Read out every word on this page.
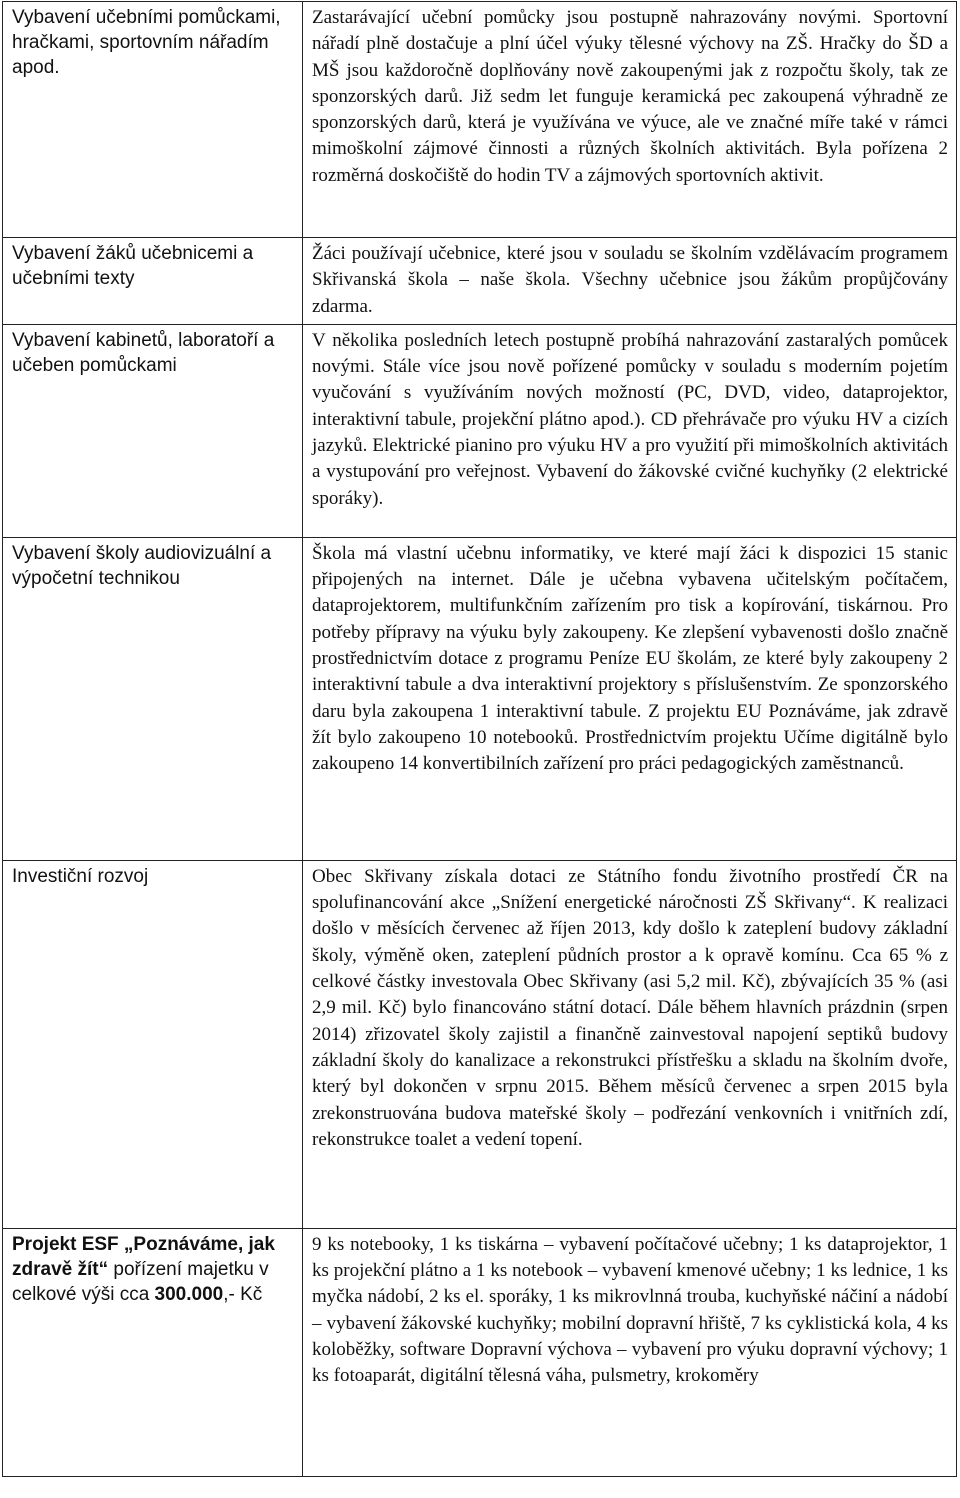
Vybavení učebními pomůckami, hračkami, sportovním nářadím apod.	Zastarávající učební pomůcky jsou postupně nahrazovány novými. Sportovní nářadí plně dostačuje a plní účel výuky tělesné výchovy na ZŠ. Hračky do ŠD a MŠ jsou každoročně doplňovány nově zakoupenými jak z rozpočtu školy, tak ze sponzorských darů. Již sedm let funguje keramická pec zakoupená výhradně ze sponzorských darů, která je využívána ve výuce, ale ve značné míře také v rámci mimoškolní zájmové činnosti a různých školních aktivitách. Byla pořízena 2 rozměrná doskočiště do hodin TV a zájmových sportovních aktivit.
Vybavení žáků učebnicemi a učebními texty	Žáci používají učebnice, které jsou v souladu se školním vzdělávacím programem Skřivanská škola – naše škola. Všechny učebnice jsou žákům propůjčovány zdarma.
Vybavení kabinetů, laboratoří a učeben pomůckami	V několika posledních letech postupně probíhá nahrazování zastaralých pomůcek novými. Stále více jsou nově pořízené pomůcky v souladu s moderním pojetím vyučování s využíváním nových možností (PC, DVD, video, dataprojektor, interaktivní tabule, projekční plátno apod.). CD přehrávače pro výuku HV a cizích jazyků. Elektrické pianino pro výuku HV a pro využití při mimoškolních aktivitách a vystupování pro veřejnost. Vybavení do žákovské cvičné kuchyňky (2 elektrické sporáky).
Vybavení školy audiovizuální a výpočetní technikou	Škola má vlastní učebnu informatiky, ve které mají žáci k dispozici 15 stanic připojených na internet. Dále je učebna vybavena učitelským počítačem, dataprojektorem, multifunkčním zařízením pro tisk a kopírování, tiskárnou. Pro potřeby přípravy na výuku byly zakoupeny. Ke zlepšení vybavenosti došlo značně prostřednictvím dotace z programu Peníze EU školám, ze které byly zakoupeny 2 interaktivní tabule a dva interaktivní projektory s příslušenstvím. Ze sponzorského daru byla zakoupena 1 interaktivní tabule. Z projektu EU Poznáváme, jak zdravě žít bylo zakoupeno 10 notebooků. Prostřednictvím projektu Učíme digitálně bylo zakoupeno 14 konvertibilních zařízení pro práci pedagogických zaměstnanců.
Investiční rozvoj	Obec Skřivany získala dotaci ze Státního fondu životního prostředí ČR na spolufinancování akce „Snížení energetické náročnosti ZŠ Skřivany“. K realizaci došlo v měsících červenec až říjen 2013, kdy došlo k zateplení budovy základní školy, výměně oken, zateplení půdních prostor a k opravě komínu. Cca 65 % z celkové částky investovala Obec Skřivany (asi 5,2 mil. Kč), zbývajících 35 % (asi 2,9 mil. Kč) bylo financováno státní dotací. Dále během hlavních prázdnin (srpen 2014) zřizovatel školy zajistil a finančně zainvestoval napojení septiků budovy základní školy do kanalizace a rekonstrukci přístřešku a skladu na školním dvoře, který byl dokončen v srpnu 2015. Během měsíců červenec a srpen 2015 byla zrekonstruována budova mateřské školy – podřezání venkovních i vnitřních zdí, rekonstrukce toalet a vedení topení.
Projekt ESF „Poznáváme, jak zdravě žít“ pořízení majetku v celkové výši cca 300.000,- Kč	9 ks notebooky, 1 ks tiskárna – vybavení počítačové učebny; 1 ks dataprojektor, 1 ks projekční plátno a 1 ks notebook – vybavení kmenové učebny; 1 ks lednice, 1 ks myčka nádobí, 2 ks el. sporáky, 1 ks mikrovlnná trouba, kuchyňské náčiní a nádobí – vybavení žákovské kuchyňky; mobilní dopravní hřiště, 7 ks cyklistická kola, 4 ks koloběžky, software Dopravní výchova – vybavení pro výuku dopravní výchovy; 1 ks fotoaparát, digitální tělesná váha, pulsmetry, krokoměry
